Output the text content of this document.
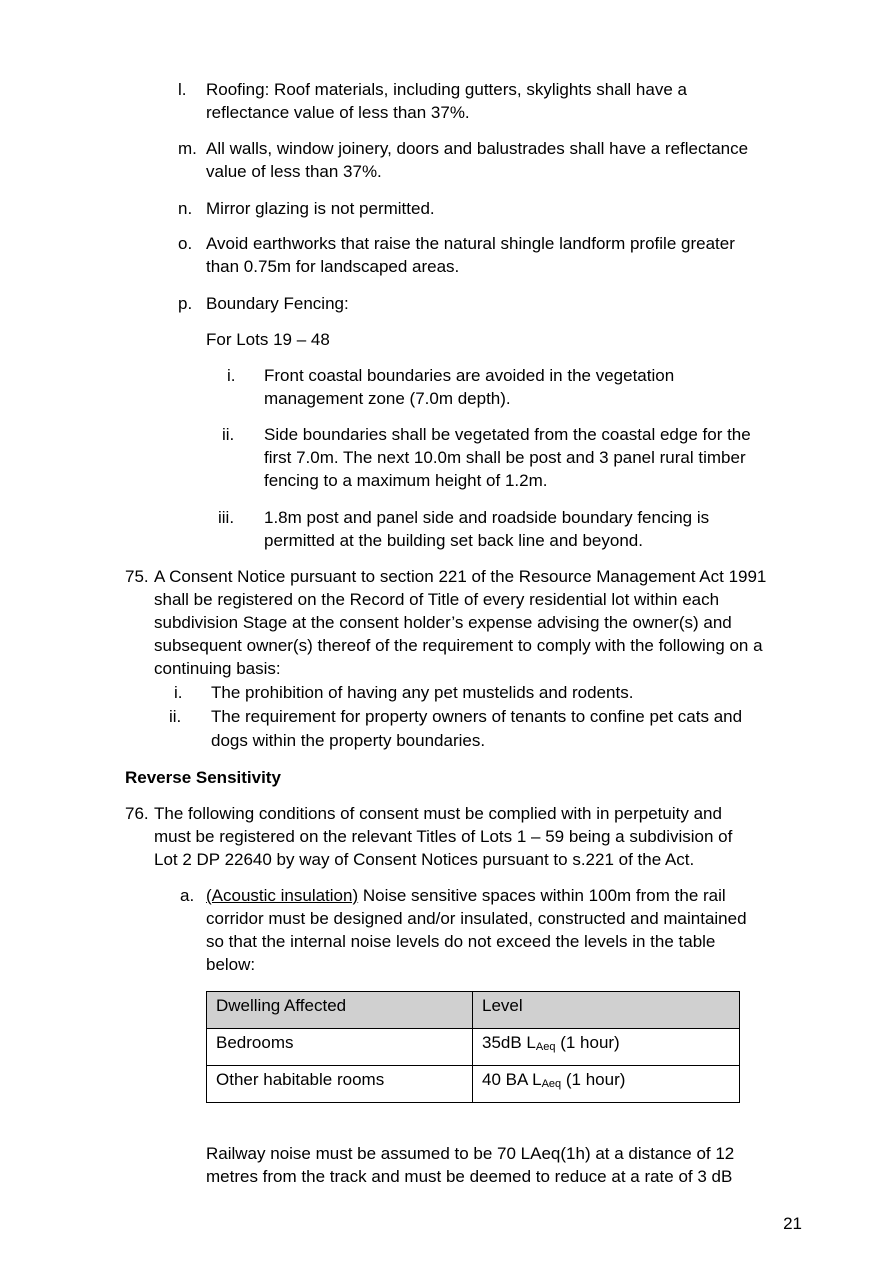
l. Roofing: Roof materials, including gutters, skylights shall have a
reflectance value of less than 37%.
m. All walls, window joinery, doors and balustrades shall have a reflectance
value of less than 37%.
n. Mirror glazing is not permitted.
o. Avoid earthworks that raise the natural shingle landform profile greater
than 0.75m for landscaped areas.
p. Boundary Fencing:
For Lots 19 – 48
i. Front coastal boundaries are avoided in the vegetation
management zone (7.0m depth).
ii. Side boundaries shall be vegetated from the coastal edge for the
first 7.0m. The next 10.0m shall be post and 3 panel rural timber
fencing to a maximum height of 1.2m.
iii. 1.8m post and panel side and roadside boundary fencing is
permitted at the building set back line and beyond.
75. A Consent Notice pursuant to section 221 of the Resource Management Act 1991
shall be registered on the Record of Title of every residential lot within each
subdivision Stage at the consent holder’s expense advising the owner(s) and
subsequent owner(s) thereof of the requirement to comply with the following on a
continuing basis:
i. The prohibition of having any pet mustelids and rodents.
ii. The requirement for property owners of tenants to confine pet cats and
dogs within the property boundaries.
Reverse Sensitivity
76. The following conditions of consent must be complied with in perpetuity and
must be registered on the relevant Titles of Lots 1 – 59 being a subdivision of
Lot 2 DP 22640 by way of Consent Notices pursuant to s.221 of the Act.
a. (Acoustic insulation) Noise sensitive spaces within 100m from the rail
corridor must be designed and/or insulated, constructed and maintained
so that the internal noise levels do not exceed the levels in the table
below:
Dwelling Affected	Level
Bedrooms	35dB $L_{Aeq}$ (1 hour)
Other habitable rooms	40 BA $L_{Aeq}$ (1 hour)
Railway noise must be assumed to be 70 LAeq(1h) at a distance of 12
metres from the track and must be deemed to reduce at a rate of 3 dB
21
